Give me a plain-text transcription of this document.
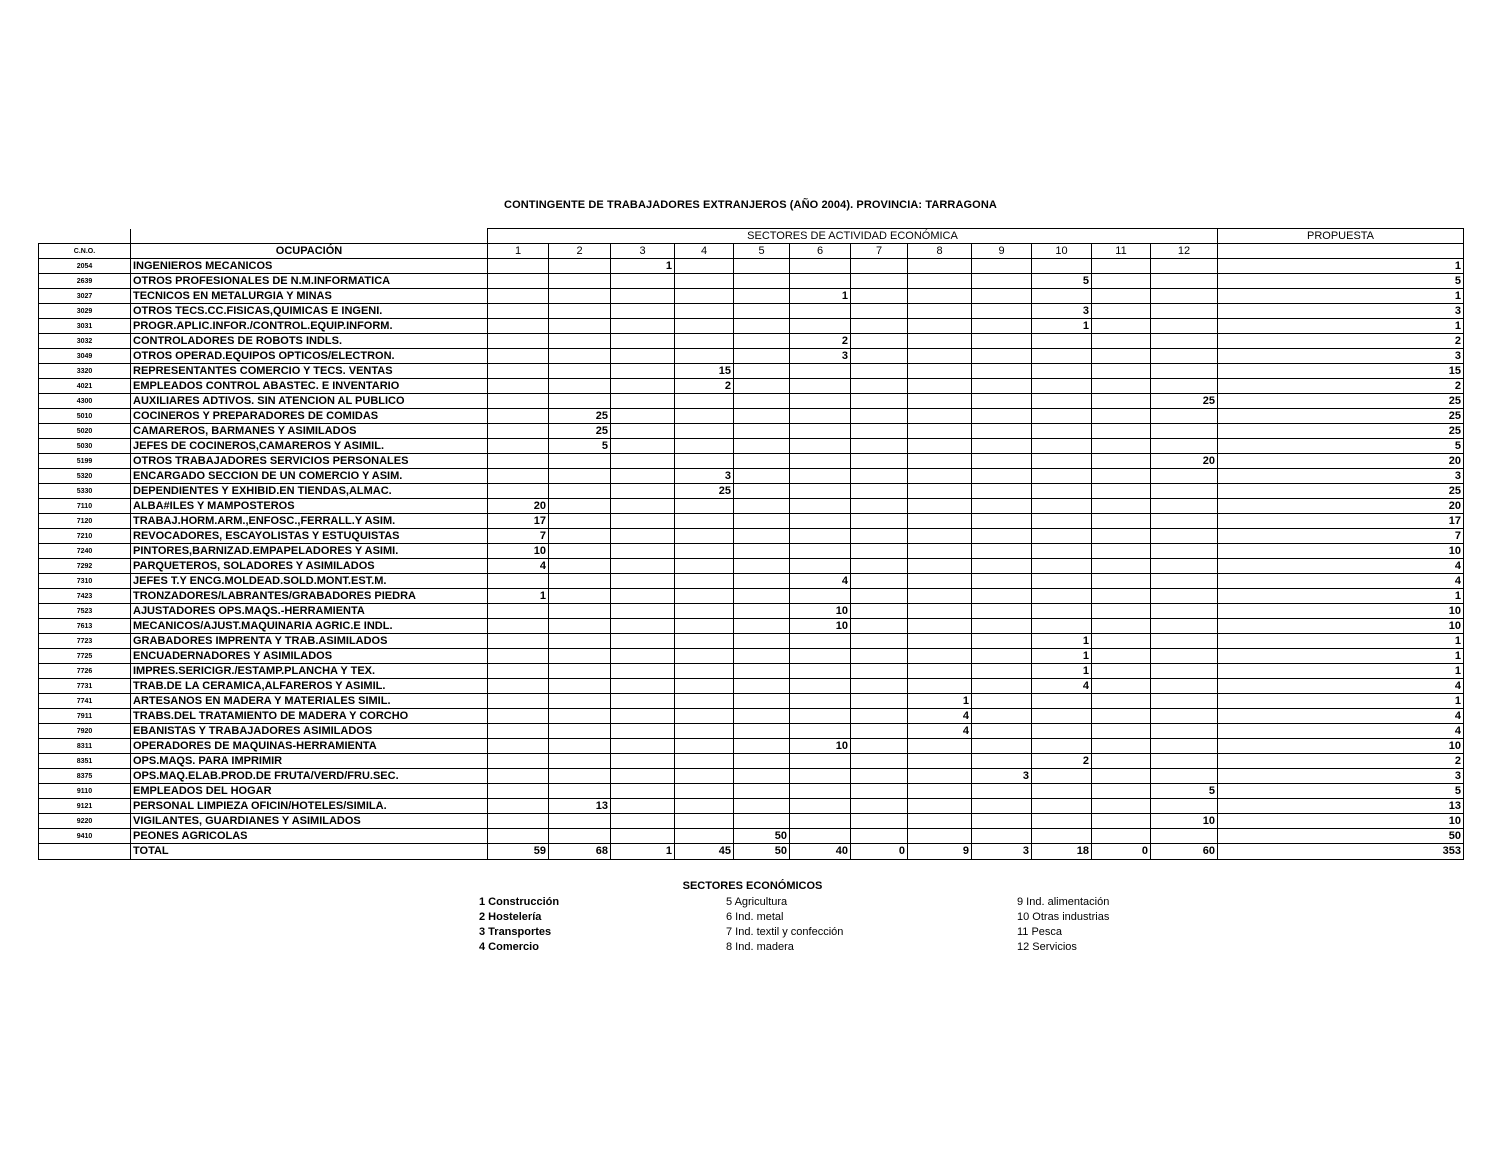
CONTINGENTE DE TRABAJADORES EXTRANJEROS (AÑO 2004). PROVINCIA: TARRAGONA
		SECTORES DE ACTIVIDAD ECONÓMICA												PROPUESTA
C.N.O.	OCUPACIÓN	1	2	3	4	5	6	7	8	9	10	11	12	
2054	INGENIEROS MECANICOS			1										1
2639	OTROS PROFESIONALES DE N.M.INFORMATICA										5			5
3027	TECNICOS EN METALURGIA Y MINAS						1							1
3029	OTROS TECS.CC.FISICAS,QUIMICAS E INGENI.										3			3
3031	PROGR.APLIC.INFOR./CONTROL.EQUIP.INFORM.										1			1
3032	CONTROLADORES DE ROBOTS INDLS.						2							2
3049	OTROS OPERAD.EQUIPOS OPTICOS/ELECTRON.						3							3
3320	REPRESENTANTES COMERCIO Y TECS. VENTAS				15									15
4021	EMPLEADOS CONTROL ABASTEC. E INVENTARIO				2									2
4300	AUXILIARES ADTIVOS. SIN ATENCION AL PUBLICO												25	25
5010	COCINEROS Y PREPARADORES DE COMIDAS		25											25
5020	CAMAREROS, BARMANES Y ASIMILADOS		25											25
5030	JEFES DE COCINEROS,CAMAREROS Y ASIMIL.		5											5
5199	OTROS TRABAJADORES SERVICIOS PERSONALES												20	20
5320	ENCARGADO SECCION DE UN COMERCIO Y ASIM.				3									3
5330	DEPENDIENTES Y EXHIBID.EN TIENDAS,ALMAC.				25									25
7110	ALBA#ILES Y MAMPOSTEROS	20												20
7120	TRABAJ.HORM.ARM.,ENFOSC.,FERRALL.Y ASIM.	17												17
7210	REVOCADORES, ESCAYOLISTAS Y ESTUQUISTAS	7												7
7240	PINTORES,BARNIZAD.EMPAPELADORES Y ASIMI.	10												10
7292	PARQUETEROS, SOLADORES Y ASIMILADOS	4												4
7310	JEFES T.Y ENCG.MOLDEAD.SOLD.MONT.EST.M.						4							4
7423	TRONZADORES/LABRANTES/GRABADORES PIEDRA	1												1
7523	AJUSTADORES OPS.MAQS.-HERRAMIENTA						10							10
7613	MECANICOS/AJUST.MAQUINARIA AGRIC.E INDL.						10							10
7723	GRABADORES IMPRENTA Y TRAB.ASIMILADOS										1			1
7725	ENCUADERNADORES Y ASIMILADOS										1			1
7726	IMPRES.SERICIGR./ESTAMP.PLANCHA Y TEX.										1			1
7731	TRAB.DE LA CERAMICA,ALFAREROS Y ASIMIL.										4			4
7741	ARTESANOS EN MADERA Y MATERIALES SIMIL.								1					1
7911	TRABS.DEL TRATAMIENTO DE MADERA Y CORCHO								4					4
7920	EBANISTAS Y TRABAJADORES ASIMILADOS								4					4
8311	OPERADORES DE MAQUINAS-HERRAMIENTA						10							10
8351	OPS.MAQS. PARA IMPRIMIR										2			2
8375	OPS.MAQ.ELAB.PROD.DE FRUTA/VERD/FRU.SEC.									3				3
9110	EMPLEADOS DEL HOGAR												5	5
9121	PERSONAL LIMPIEZA OFICIN/HOTELES/SIMILA.		13											13
9220	VIGILANTES, GUARDIANES Y ASIMILADOS												10	10
9410	PEONES AGRICOLAS					50								50
	TOTAL	59	68	1	45	50	40	0	9	3	18	0	60	353
SECTORES ECONÓMICOS
1 Construcción
2 Hostelería
3 Transportes
4 Comercio
5 Agricultura
6 Ind. metal
7 Ind. textil y confección
8 Ind. madera
9 Ind. alimentación
10 Otras industrias
11 Pesca
12 Servicios
